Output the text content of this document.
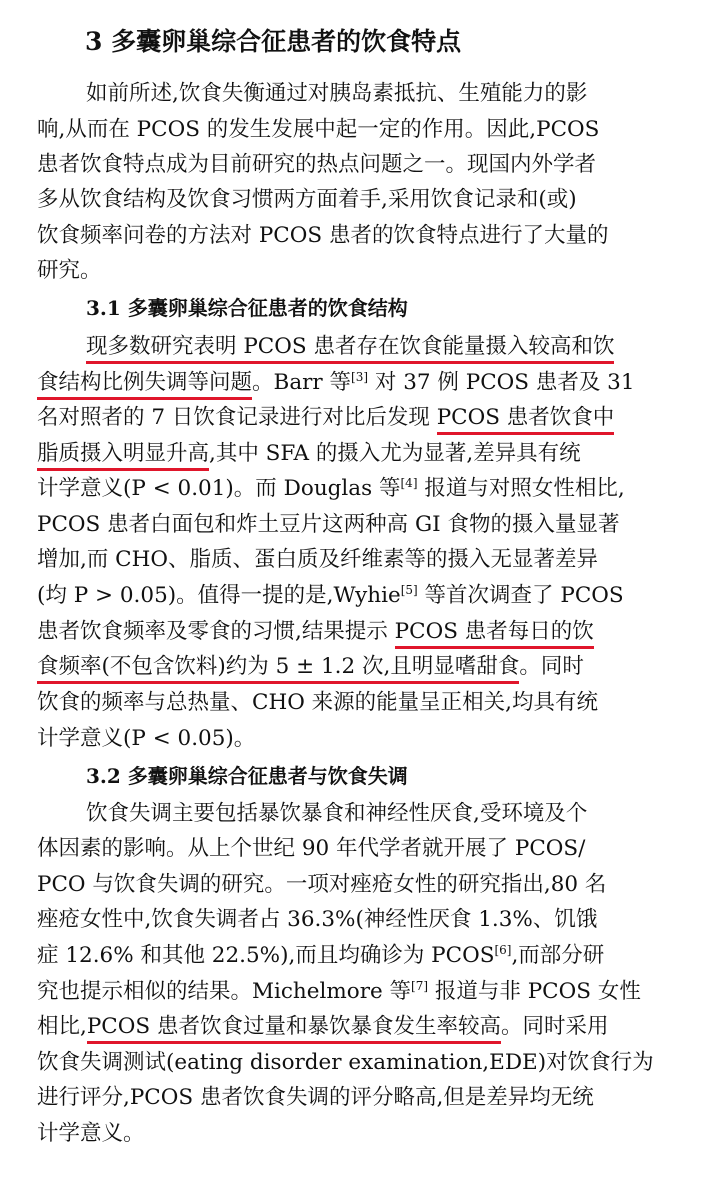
3 多囊卵巢综合征患者的饮食特点
如前所述,饮食失衡通过对胰岛素抵抗、生殖能力的影
响,从而在 PCOS 的发生发展中起一定的作用。因此,PCOS
患者饮食特点成为目前研究的热点问题之一。现国内外学者
多从饮食结构及饮食习惯两方面着手,采用饮食记录和(或)
饮食频率问卷的方法对 PCOS 患者的饮食特点进行了大量的
研究。
3.1 多囊卵巢综合征患者的饮食结构
现多数研究表明 PCOS 患者存在饮食能量摄入较高和饮
食结构比例失调等问题。Barr 等[3] 对 37 例 PCOS 患者及 31
名对照者的 7 日饮食记录进行对比后发现 PCOS 患者饮食中
脂质摄入明显升高,其中 SFA 的摄入尤为显著,差异具有统
计学意义(P < 0.01)。而 Douglas 等[4] 报道与对照女性相比,
PCOS 患者白面包和炸土豆片这两种高 GI 食物的摄入量显著
增加,而 CHO、脂质、蛋白质及纤维素等的摄入无显著差异
(均 P > 0.05)。值得一提的是,Wyhie[5] 等首次调查了 PCOS
患者饮食频率及零食的习惯,结果提示 PCOS 患者每日的饮
食频率(不包含饮料)约为 5 ± 1.2 次,且明显嗜甜食。同时
饮食的频率与总热量、CHO 来源的能量呈正相关,均具有统
计学意义(P < 0.05)。
3.2 多囊卵巢综合征患者与饮食失调
饮食失调主要包括暴饮暴食和神经性厌食,受环境及个
体因素的影响。从上个世纪 90 年代学者就开展了 PCOS/
PCO 与饮食失调的研究。一项对痤疮女性的研究指出,80 名
痤疮女性中,饮食失调者占 36.3%(神经性厌食 1.3%、饥饿
症 12.6% 和其他 22.5%),而且均确诊为 PCOS[6],而部分研
究也提示相似的结果。Michelmore 等[7] 报道与非 PCOS 女性
相比,PCOS 患者饮食过量和暴饮暴食发生率较高。同时采用
饮食失调测试(eating disorder examination,EDE)对饮食行为
进行评分,PCOS 患者饮食失调的评分略高,但是差异均无统
计学意义。
